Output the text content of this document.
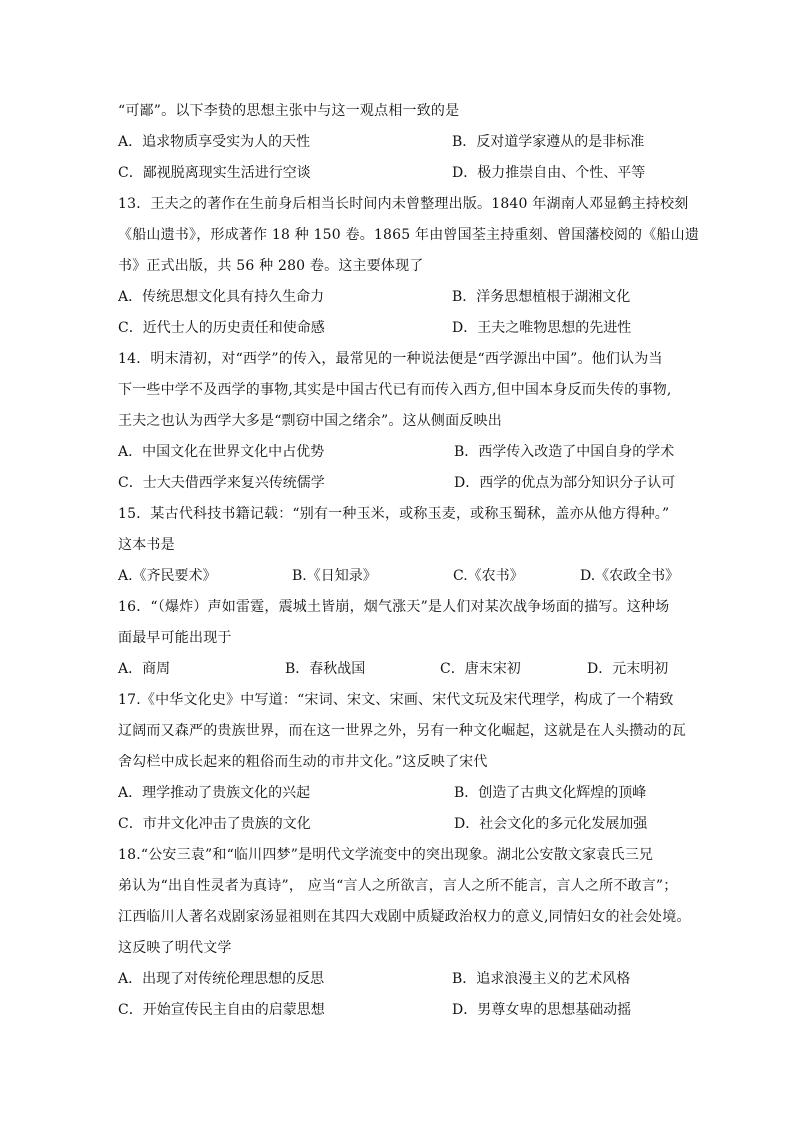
“可鄙”。以下李贽的思想主张中与这一观点相一致的是
A．追求物质享受实为人的天性	B．反对道学家遵从的是非标准
C．鄙视脱离现实生活进行空谈	D．极力推崇自由、个性、平等
13．王夫之的著作在生前身后相当长时间内未曾整理出版。1840 年湖南人邓显鹤主持校刻
《船山遗书》，形成著作 18 种 150 卷。1865 年由曾国荃主持重刻、曾国藩校阅的《船山遗
书》正式出版，共 56 种 280 卷。这主要体现了
A．传统思想文化具有持久生命力	B．洋务思想植根于湖湘文化
C．近代士人的历史责任和使命感	D．王夫之唯物思想的先进性
14．明末清初，对“西学”的传入，最常见的一种说法便是“西学源出中国”。他们认为当
下一些中学不及西学的事物,其实是中国古代已有而传入西方,但中国本身反而失传的事物,
王夫之也认为西学大多是“剽窃中国之绪余”。这从侧面反映出
A．中国文化在世界文化中占优势	B．西学传入改造了中国自身的学术
C．士大夫借西学来复兴传统儒学	D．西学的优点为部分知识分子认可
15．某古代科技书籍记载：“别有一种玉米，或称玉麦，或称玉蜀秫，盖亦从他方得种。”
这本书是
A.《齐民要术》	B.《日知录》	C.《农书》	D.《农政全书》
16．“（爆炸）声如雷霆，震城土皆崩，烟气涨天”是人们对某次战争场面的描写。这种场
面最早可能出现于
A．商周	B．春秋战国	C．唐末宋初	D．元末明初
17.《中华文化史》中写道：“宋词、宋文、宋画、宋代文玩及宋代理学，构成了一个精致
辽阔而又森严的贵族世界，而在这一世界之外，另有一种文化崛起，这就是在人头攒动的瓦
舍勾栏中成长起来的粗俗而生动的市井文化。”这反映了宋代
A．理学推动了贵族文化的兴起	B．创造了古典文化辉煌的顶峰
C．市井文化冲击了贵族的文化	D．社会文化的多元化发展加强
18.“公安三袁”和“临川四梦”是明代文学流变中的突出现象。湖北公安散文家袁氏三兄
弟认为“出自性灵者为真诗”， 应当“言人之所欲言，言人之所不能言，言人之所不敢言”；
江西临川人著名戏剧家汤显祖则在其四大戏剧中质疑政治权力的意义,同情妇女的社会处境。
这反映了明代文学
A．出现了对传统伦理思想的反思	B．追求浪漫主义的艺术风格
C．开始宣传民主自由的启蒙思想	D．男尊女卑的思想基础动摇
